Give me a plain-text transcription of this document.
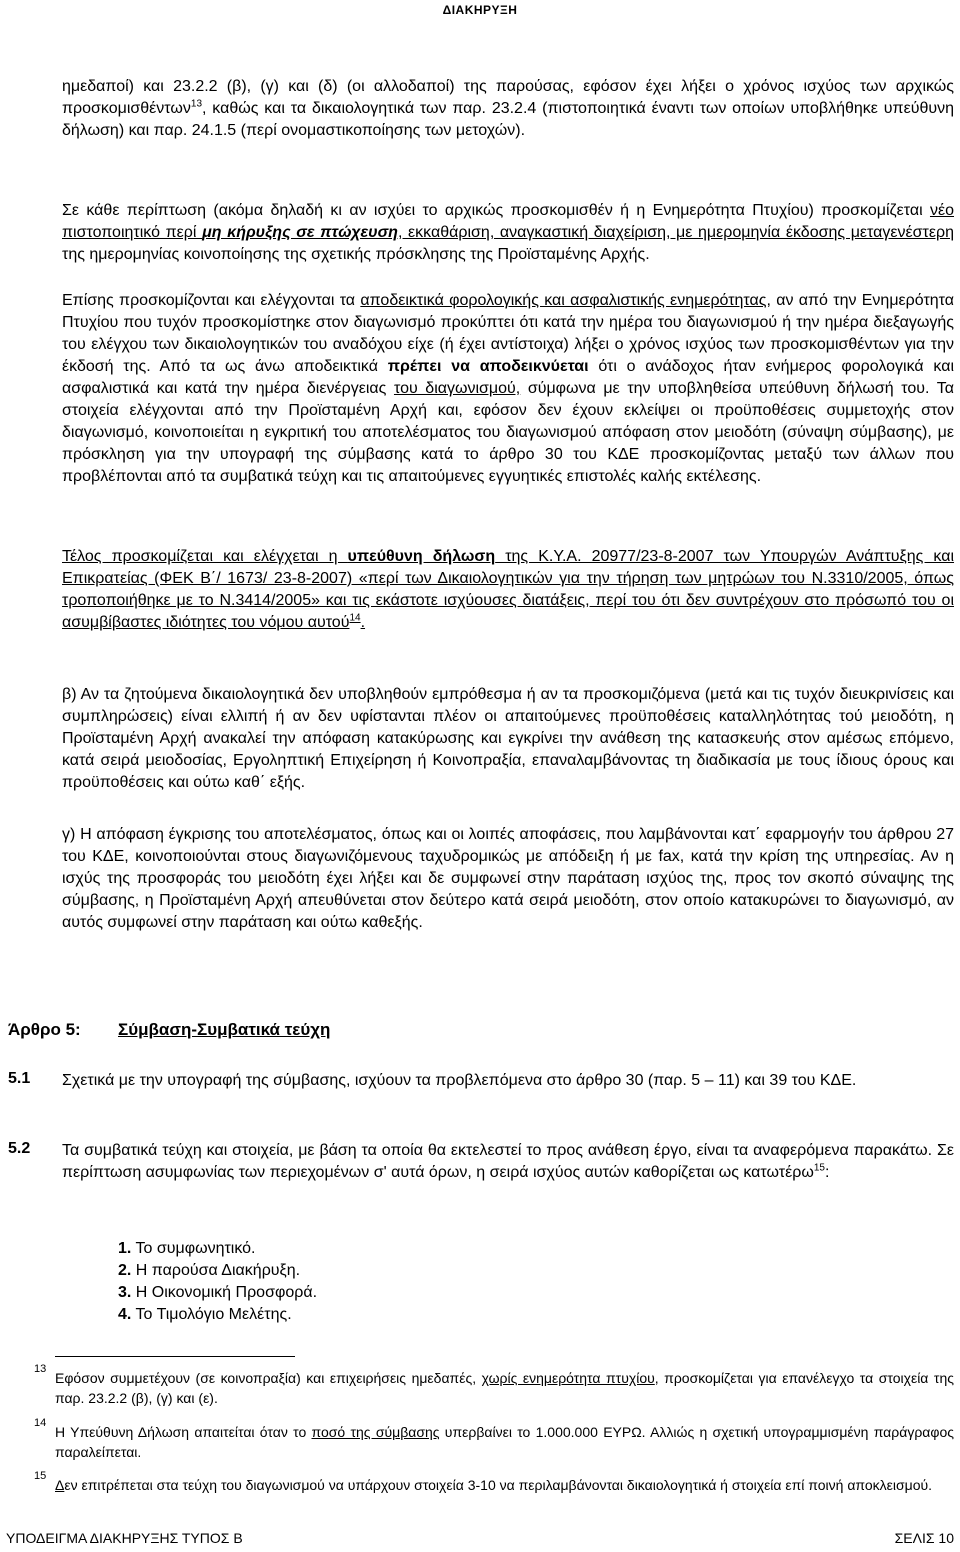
ΔΙΑΚΗΡΥΞΗ

ημεδαποί) και 23.2.2 (β), (γ) και (δ) (οι αλλοδαποί) της παρούσας, εφόσον έχει λήξει ο χρόνος ισχύος των αρχικώς προσκομισθέντων$^{13}$, καθώς και τα δικαιολογητικά των παρ. 23.2.4 (πιστοποιητικά έναντι των οποίων υποβλήθηκε υπεύθυνη δήλωση) και παρ. 24.1.5 (περί ονομαστικοποίησης των μετοχών).

Σε κάθε περίπτωση (ακόμα δηλαδή κι αν ισχύει το αρχικώς προσκομισθέν ή η Ενημερότητα Πτυχίου) προσκομίζεται νέο πιστοποιητικό περί μη κήρυξης σε πτώχευση, εκκαθάριση, αναγκαστική διαχείριση, με ημερομηνία έκδοσης μεταγενέστερη της ημερομηνίας κοινοποίησης της σχετικής πρόσκλησης της Προϊσταμένης Αρχής.

Επίσης προσκομίζονται και ελέγχονται τα αποδεικτικά φορολογικής και ασφαλιστικής ενημερότητας, αν από την Ενημερότητα Πτυχίου που τυχόν προσκομίστηκε στον διαγωνισμό προκύπτει ότι κατά την ημέρα του διαγωνισμού ή την ημέρα διεξαγωγής του ελέγχου των δικαιολογητικών του αναδόχου είχε (ή έχει αντίστοιχα) λήξει ο χρόνος ισχύος των προσκομισθέντων για την έκδοσή της. Από τα ως άνω αποδεικτικά πρέπει να αποδεικνύεται ότι ο ανάδοχος ήταν ενήμερος φορολογικά και ασφαλιστικά και κατά την ημέρα διενέργειας του διαγωνισμού, σύμφωνα με την υποβληθείσα υπεύθυνη δήλωσή του. Τα στοιχεία ελέγχονται από την Προϊσταμένη Αρχή και, εφόσον δεν έχουν εκλείψει οι προϋποθέσεις συμμετοχής στον διαγωνισμό, κοινοποιείται η εγκριτική του αποτελέσματος του διαγωνισμού απόφαση στον μειοδότη (σύναψη σύμβασης), με πρόσκληση για την υπογραφή της σύμβασης κατά το άρθρο 30 του ΚΔΕ προσκομίζοντας μεταξύ των άλλων που προβλέπονται από τα συμβατικά τεύχη και τις απαιτούμενες εγγυητικές επιστολές καλής εκτέλεσης.

Τέλος προσκομίζεται και ελέγχεται η υπεύθυνη δήλωση της Κ.Υ.Α. 20977/23-8-2007 των Υπουργών Ανάπτυξης και Επικρατείας (ΦΕΚ Β΄/ 1673/ 23-8-2007) «περί των Δικαιολογητικών για την τήρηση των μητρώων του Ν.3310/2005, όπως τροποποιήθηκε με το Ν.3414/2005» και τις εκάστοτε ισχύουσες διατάξεις, περί του ότι δεν συντρέχουν στο πρόσωπό του οι ασυμβίβαστες ιδιότητες του νόμου αυτού$^{14}$.

β) Αν τα ζητούμενα δικαιολογητικά δεν υποβληθούν εμπρόθεσμα ή αν τα προσκομιζόμενα (μετά και τις τυχόν διευκρινίσεις και συμπληρώσεις) είναι ελλιπή ή αν δεν υφίστανται πλέον οι απαιτούμενες προϋποθέσεις καταλληλότητας τού μειοδότη, η Προϊσταμένη Αρχή ανακαλεί την απόφαση κατακύρωσης και εγκρίνει την ανάθεση της κατασκευής στον αμέσως επόμενο, κατά σειρά μειοδοσίας, Εργοληπτική Επιχείρηση ή Κοινοπραξία, επαναλαμβάνοντας τη διαδικασία με τους ίδιους όρους και προϋποθέσεις και ούτω καθ΄ εξής.

γ) Η απόφαση έγκρισης του αποτελέσματος, όπως και οι λοιπές αποφάσεις, που λαμβάνονται κατ΄ εφαρμογήν του άρθρου 27 του ΚΔΕ, κοινοποιούνται στους διαγωνιζόμενους ταχυδρομικώς με απόδειξη ή με fax, κατά την κρίση της υπηρεσίας. Αν η ισχύς της προσφοράς του μειοδότη έχει λήξει και δε συμφωνεί στην παράταση ισχύος της, προς τον σκοπό σύναψης της σύμβασης, η Προϊσταμένη Αρχή απευθύνεται στον δεύτερο κατά σειρά μειοδότη, στον οποίο κατακυρώνει το διαγωνισμό, αν αυτός συμφωνεί στην παράταση και ούτω καθεξής.

Άρθρο 5: Σύμβαση-Συμβατικά τεύχη
5.1 Σχετικά με την υπογραφή της σύμβασης, ισχύουν τα προβλεπόμενα στο άρθρο 30 (παρ. 5 – 11) και 39 του ΚΔΕ.

5.2 Τα συμβατικά τεύχη και στοιχεία, με βάση τα οποία θα εκτελεστεί το προς ανάθεση έργο, είναι τα αναφερόμενα παρακάτω. Σε περίπτωση ασυμφωνίας των περιεχομένων σ' αυτά όρων, η σειρά ισχύος αυτών καθορίζεται ως κατωτέρω$^{15}$:

1. Το συμφωνητικό.
2. Η παρούσα Διακήρυξη.
3. Η Οικονομική Προσφορά.
4. Το Τιμολόγιο Μελέτης.
13

Εφόσον συμμετέχουν (σε κοινοπραξία) και επιχειρήσεις ημεδαπές, χωρίς ενημερότητα πτυχίου, προσκομίζεται για επανέλεγχο τα στοιχεία της παρ. 23.2.2 (β), (γ) και (ε).

14

Η Υπεύθυνη Δήλωση απαιτείται όταν το ποσό της σύμβασης υπερβαίνει το 1.000.000 ΕΥΡΩ. Αλλιώς η σχετική υπογραμμισμένη παράγραφος παραλείπεται.

15

Δεν επιτρέπεται στα τεύχη του διαγωνισμού να υπάρχουν στοιχεία 3-10 να περιλαμβάνονται δικαιολογητικά ή στοιχεία επί ποινή αποκλεισμού.

ΥΠΟΔΕΙΓΜΑ ΔΙΑΚΗΡΥΞΗΣ ΤΥΠΟΣ Β	ΣΕΛΙΣ 10
